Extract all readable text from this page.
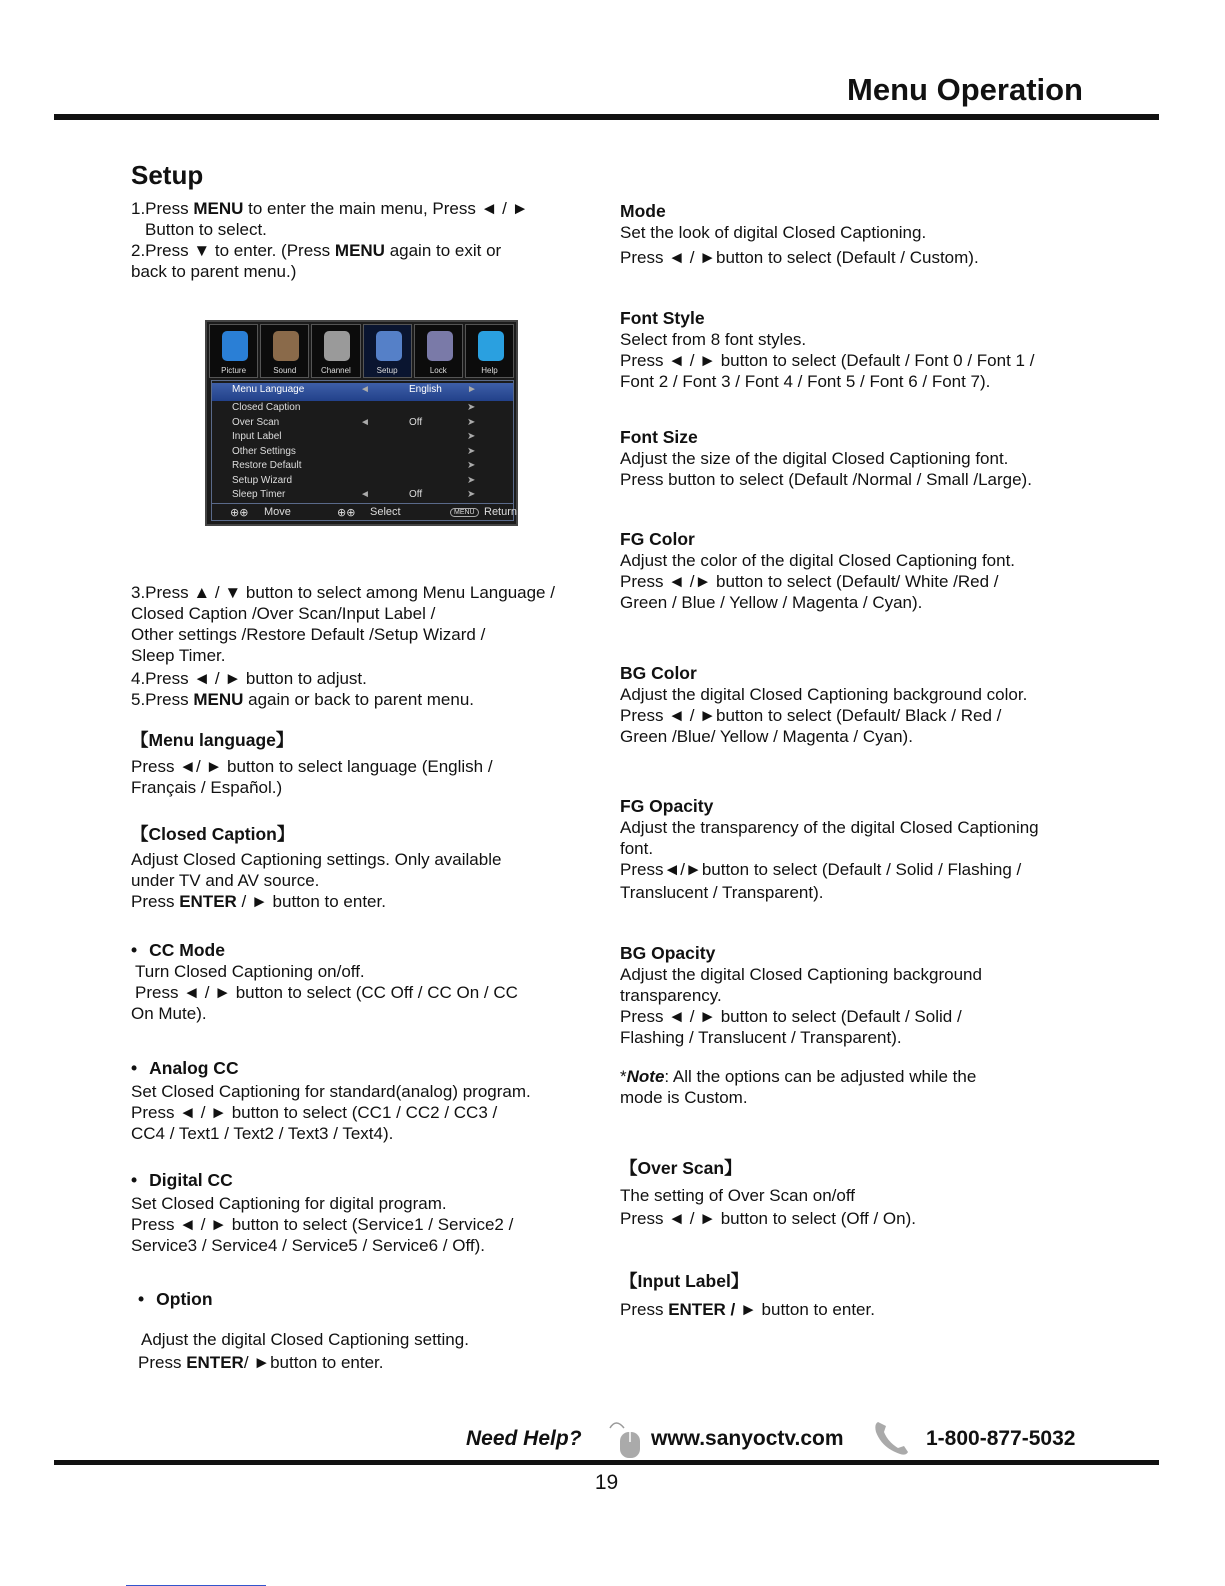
Menu Operation
Setup

1.Press MENU to enter the main menu, Press ◄ / ►

Button to select.

2.Press ▼ to enter. (Press MENU again to exit or

back to parent menu.)

Picture	Sound	Channel	Setup	Lock	Help
Menu Language	◄	English	►
Closed Caption	➤
Over Scan	◄	Off	➤
Input Label	➤
Other Settings	➤
Restore Default	➤
Setup Wizard	➤
Sleep Timer	◄	Off	➤
⊕⊕ Move	⊕⊕ Select	MENU Return

3.Press ▲ / ▼ button to select among Menu Language /

Closed Caption /Over Scan/Input Label /

Other settings /Restore Default /Setup Wizard /

Sleep Timer.

4.Press ◄ / ► button to adjust.

5.Press MENU again or back to parent menu.

【Menu language】

Press ◄/ ► button to select language (English /

Français / Español.)

【Closed Caption】

Adjust Closed Captioning settings. Only available

under TV and AV source.

Press ENTER / ► button to enter.

• CC Mode

Turn Closed Captioning on/off.

Press ◄ / ► button to select (CC Off / CC On / CC

On Mute).

• Analog CC

Set Closed Captioning for standard(analog) program.

Press ◄ / ► button to select (CC1 / CC2 / CC3 /

CC4 / Text1 / Text2 / Text3 / Text4).

• Digital CC

Set Closed Captioning for digital program.

Press ◄ / ► button to select (Service1 / Service2 /

Service3 / Service4 / Service5 / Service6 / Off).

• Option

Adjust the digital Closed Captioning setting.

Press ENTER/ ►button to enter.

Mode

Set the look of digital Closed Captioning.

Press ◄ / ►button to select (Default / Custom).

Font Style

Select from 8 font styles.

Press ◄ / ► button to select (Default / Font 0 / Font 1 /

Font 2 / Font 3 / Font 4 / Font 5 / Font 6 / Font 7).

Font Size

Adjust the size of the digital Closed Captioning font.

Press button to select (Default /Normal / Small /Large).

FG Color

Adjust the color of the digital Closed Captioning font.

Press ◄ /► button to select (Default/ White /Red /

Green / Blue / Yellow / Magenta / Cyan).

BG Color

Adjust the digital Closed Captioning background color.

Press ◄ / ►button to select (Default/ Black / Red /

Green /Blue/ Yellow / Magenta / Cyan).

FG Opacity

Adjust the transparency of the digital Closed Captioning

font.

Press◄/►button to select (Default / Solid / Flashing /

Translucent / Transparent).

BG Opacity

Adjust the digital Closed Captioning background

transparency.

Press ◄ / ► button to select (Default / Solid /

Flashing / Translucent / Transparent).

*Note: All the options can be adjusted while the

mode is Custom.

【Over Scan】

The setting of Over Scan on/off

Press ◄ / ► button to select (Off / On).

【Input Label】

Press ENTER / ► button to enter.

Need Help?	www.sanyoctv.com	1-800-877-5032
19
